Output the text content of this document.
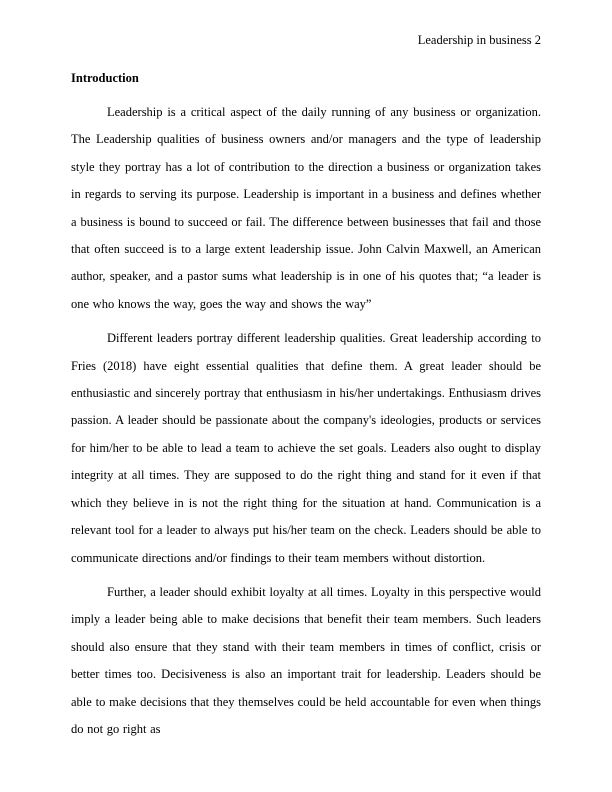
Leadership in business 2
Introduction

Leadership is a critical aspect of the daily running of any business or organization. The Leadership qualities of business owners and/or managers and the type of leadership style they portray has a lot of contribution to the direction a business or organization takes in regards to serving its purpose. Leadership is important in a business and defines whether a business is bound to succeed or fail. The difference between businesses that fail and those that often succeed is to a large extent leadership issue. John Calvin Maxwell, an American author, speaker, and a pastor sums what leadership is in one of his quotes that; “a leader is one who knows the way, goes the way and shows the way”

Different leaders portray different leadership qualities. Great leadership according to Fries (2018) have eight essential qualities that define them. A great leader should be enthusiastic and sincerely portray that enthusiasm in his/her undertakings. Enthusiasm drives passion. A leader should be passionate about the company's ideologies, products or services for him/her to be able to lead a team to achieve the set goals. Leaders also ought to display integrity at all times. They are supposed to do the right thing and stand for it even if that which they believe in is not the right thing for the situation at hand. Communication is a relevant tool for a leader to always put his/her team on the check. Leaders should be able to communicate directions and/or findings to their team members without distortion.

Further, a leader should exhibit loyalty at all times. Loyalty in this perspective would imply a leader being able to make decisions that benefit their team members. Such leaders should also ensure that they stand with their team members in times of conflict, crisis or better times too. Decisiveness is also an important trait for leadership. Leaders should be able to make decisions that they themselves could be held accountable for even when things do not go right as
